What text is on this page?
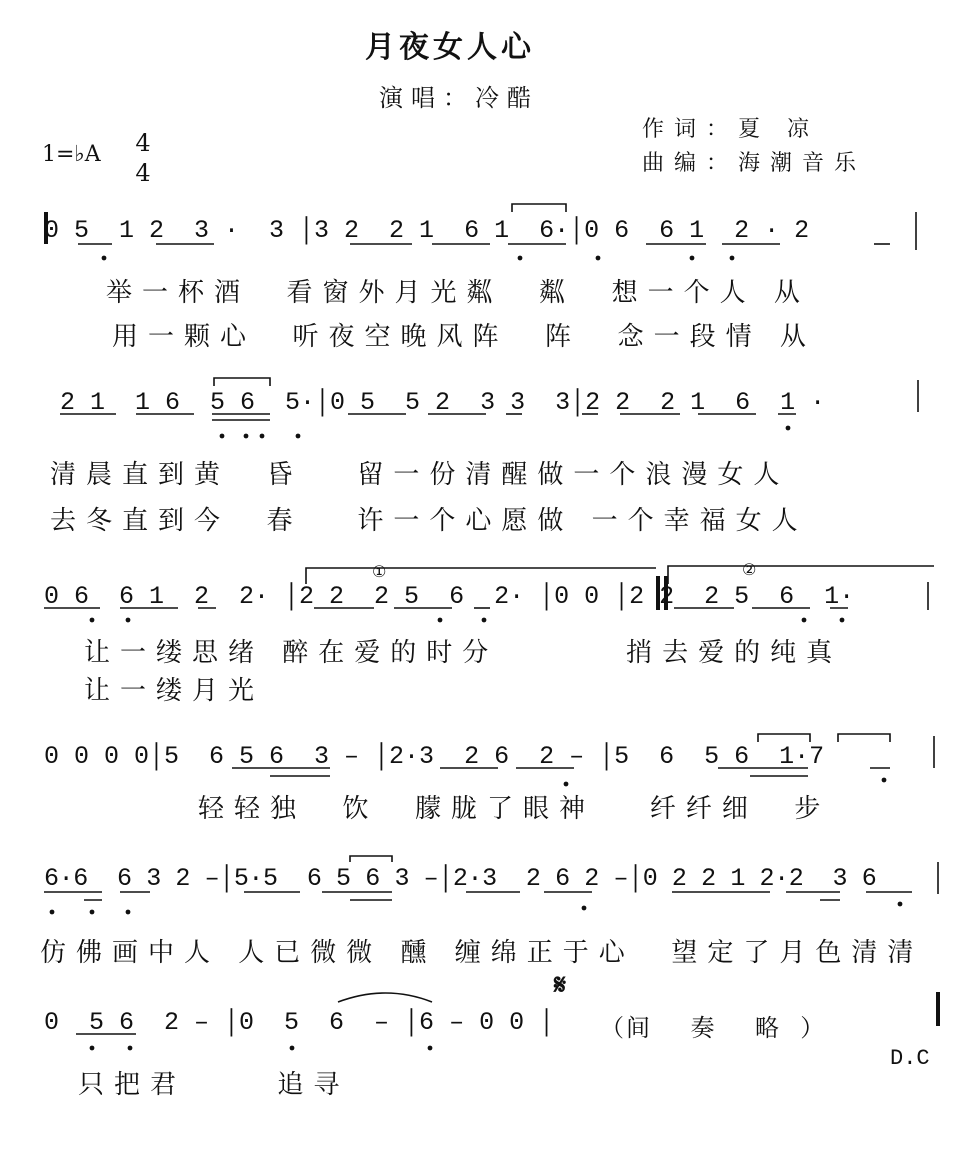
月夜女人心
演唱：冷酷
作词：夏 凉
曲编：海潮音乐
1=♭A 4
4
0 5  1 2  3 ·  3 │3 2  2 1  6 1  6·│0 6  6 1  2 · 2
举一杯酒  看窗外月光粼  粼  想一个人 从
用一颗心  听夜空晚风阵  阵  念一段情 从
2 1  1 6  5 6  5·│0 5  5 2  3 3  3│2 2  2 1  6  1 ·
清晨直到黄  昏   留一份清醒做一个浪漫女人
去冬直到今  春   许一个心愿做 一个幸福女人
0 6  6 1  2  2· │2 2  2 5  6  2· │0 0 │2 2  2 5  6  1·
让一缕思绪 醉在爱的时分       捎去爱的纯真
让一缕月光
0 0 0 0│5  6 5 6  3 – │2·3  2 6  2 – │5  6  5 6  1·7
轻轻独  饮  朦胧了眼神   纤纤细  步
6·6  6 3 2 –│5·5  6 5 6 3 –│2·3  2 6 2 –│0 2 2 1 2·2  3 6
仿佛画中人 人已微微 醺 缠绵正于心  望定了月色清清
0  5 6  2 – │0  5  6  – │6 – 0 0 │
只把君     追寻
①	②
𝄋
（间    奏    略  ）
D.C
